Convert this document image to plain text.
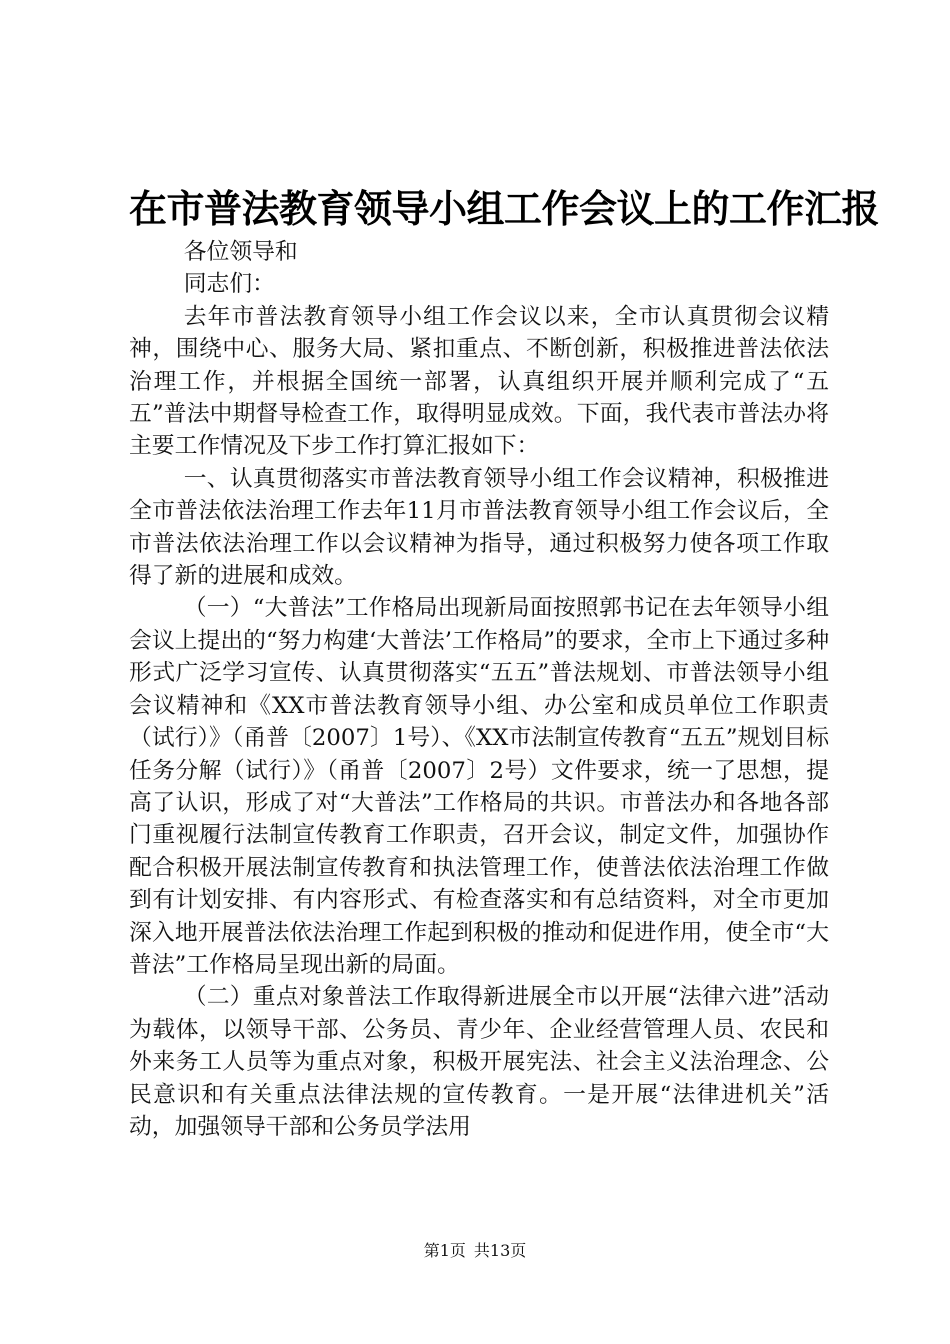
在市普法教育领导小组工作会议上的工作汇报

各位领导和

同志们：

去年市普法教育领导小组工作会议以来，全市认真贯彻会议精神，围绕中心、服务大局、紧扣重点、不断创新，积极推进普法依法治理工作，并根据全国统一部署，认真组织开展并顺利完成了“五五”普法中期督导检查工作，取得明显成效。下面，我代表市普法办将主要工作情况及下步工作打算汇报如下：

一、认真贯彻落实市普法教育领导小组工作会议精神，积极推进全市普法依法治理工作去年11月市普法教育领导小组工作会议后，全市普法依法治理工作以会议精神为指导，通过积极努力使各项工作取得了新的进展和成效。

（一）“大普法”工作格局出现新局面按照郭书记在去年领导小组会议上提出的“努力构建‘大普法’工作格局”的要求，全市上下通过多种形式广泛学习宣传、认真贯彻落实“五五”普法规划、市普法领导小组会议精神和《XX市普法教育领导小组、办公室和成员单位工作职责（试行）》（甬普〔2007〕1号）、《XX市法制宣传教育“五五”规划目标任务分解（试行）》（甬普〔2007〕2号）文件要求，统一了思想，提高了认识，形成了对“大普法”工作格局的共识。市普法办和各地各部门重视履行法制宣传教育工作职责，召开会议，制定文件，加强协作配合积极开展法制宣传教育和执法管理工作，使普法依法治理工作做到有计划安排、有内容形式、有检查落实和有总结资料，对全市更加深入地开展普法依法治理工作起到积极的推动和促进作用，使全市“大普法”工作格局呈现出新的局面。

（二）重点对象普法工作取得新进展全市以开展“法律六进”活动为载体，以领导干部、公务员、青少年、企业经营管理人员、农民和外来务工人员等为重点对象，积极开展宪法、社会主义法治理念、公民意识和有关重点法律法规的宣传教育。一是开展“法律进机关”活动，加强领导干部和公务员学法用

第1页 共13页
